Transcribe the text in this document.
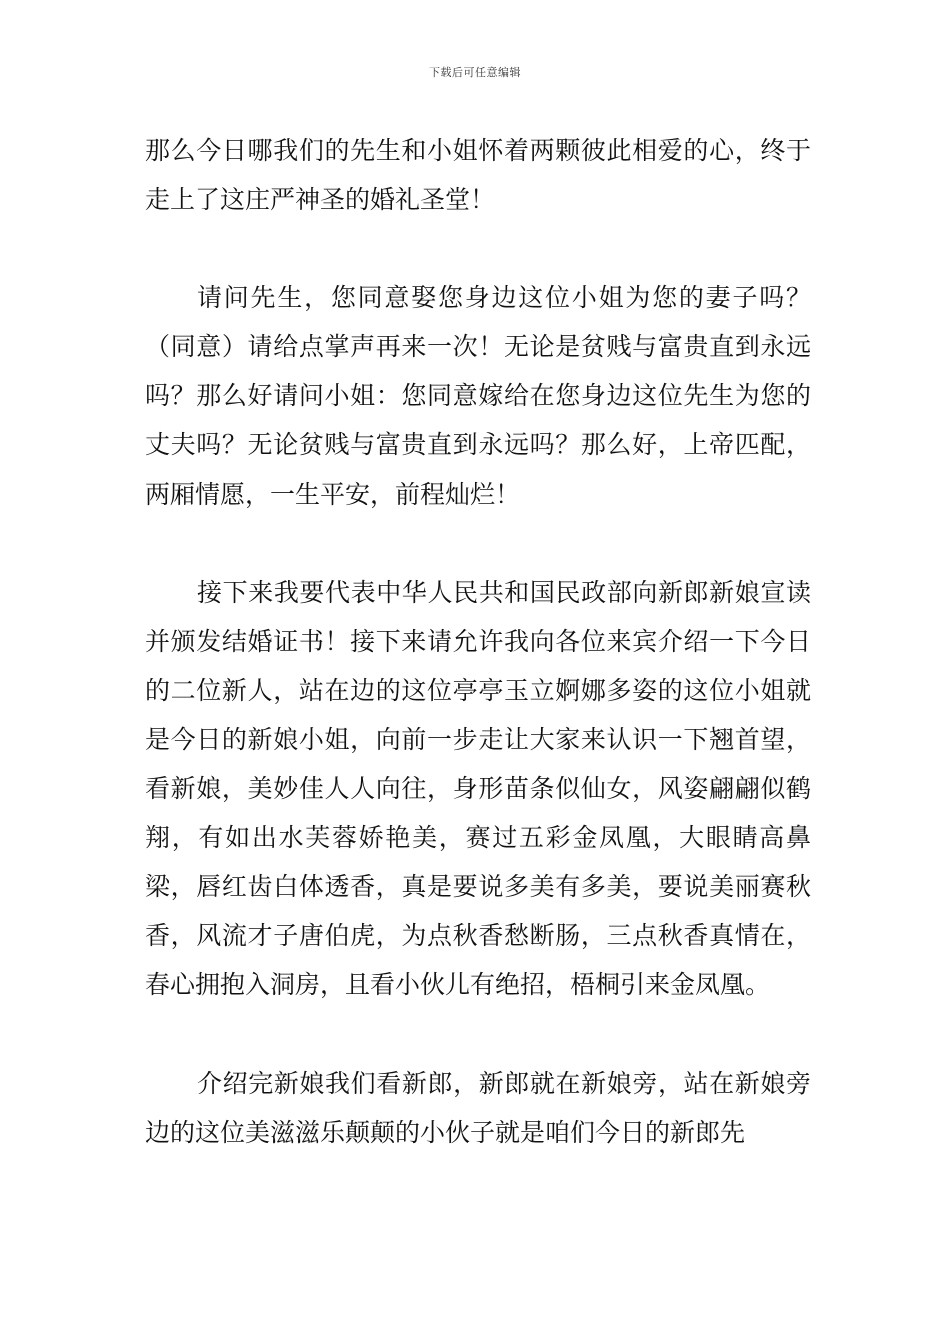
下载后可任意编辑

那么今日哪我们的先生和小姐怀着两颗彼此相爱的心，终于走上了这庄严神圣的婚礼圣堂！

请问先生，您同意娶您身边这位小姐为您的妻子吗？（同意）请给点掌声再来一次！无论是贫贱与富贵直到永远吗？那么好请问小姐：您同意嫁给在您身边这位先生为您的丈夫吗？无论贫贱与富贵直到永远吗？那么好，上帝匹配，两厢情愿，一生平安，前程灿烂！

接下来我要代表中华人民共和国民政部向新郎新娘宣读并颁发结婚证书！接下来请允许我向各位来宾介绍一下今日的二位新人，站在边的这位亭亭玉立婀娜多姿的这位小姐就是今日的新娘小姐，向前一步走让大家来认识一下翘首望，看新娘，美妙佳人人向往，身形苗条似仙女，风姿翩翩似鹤翔，有如出水芙蓉娇艳美，赛过五彩金凤凰，大眼睛高鼻梁，唇红齿白体透香，真是要说多美有多美，要说美丽赛秋香，风流才子唐伯虎，为点秋香愁断肠，三点秋香真情在，春心拥抱入洞房，且看小伙儿有绝招，梧桐引来金凤凰。

介绍完新娘我们看新郎，新郎就在新娘旁，站在新娘旁边的这位美滋滋乐颠颠的小伙子就是咱们今日的新郎先
